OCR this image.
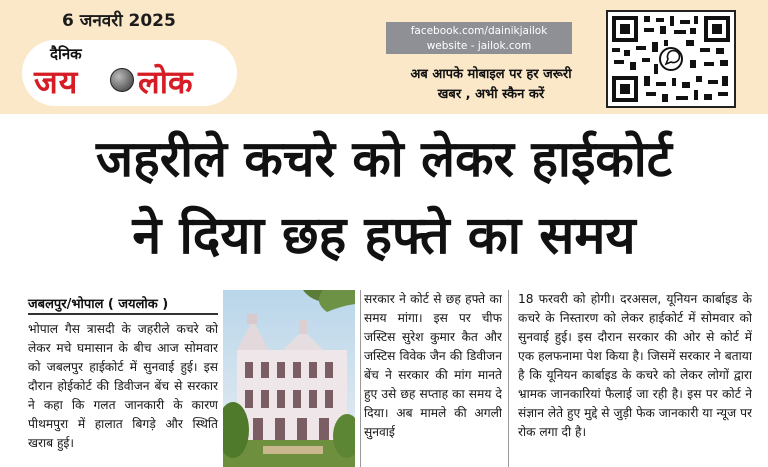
6 जनवरी 2025
दैनिक
जय लोक
facebook.com/dainikjailok
website - jailok.com
अब आपके मोबाइल पर हर जरूरी
खबर , अभी स्कैन करें
जहरीले कचरे को लेकर हाईकोर्ट
ने दिया छह हफ्ते का समय
जबलपुर/भोपाल ( जयलोक )
भोपाल गैस त्रासदी के जहरीले कचरे को लेकर मचे घमासान के बीच आज सोमवार को जबलपुर हाईकोर्ट में सुनवाई हुई। इस दौरान होईकोर्ट की डिवीजन बेंच से सरकार ने कहा कि गलत जानकारी के कारण पीथमपुरा में हालात बिगड़े और स्थिति खराब हुई।
सरकार ने कोर्ट से छह हफ्ते का समय मांगा। इस पर चीफ जस्टिस सुरेश कुमार कैत और जस्टिस विवेक जैन की डिवीजन बेंच ने सरकार की मांग मानते हुए उसे छह सप्ताह का समय दे दिया। अब मामले की अगली सुनवाई
18 फरवरी को होगी। दरअसल, यूनियन कार्बाइड के कचरे के निस्तारण को लेकर हाईकोर्ट में सोमवार को सुनवाई हुई। इस दौरान सरकार की ओर से कोर्ट में एक हलफनामा पेश किया है। जिसमें सरकार ने बताया है कि यूनियन कार्बाइड के कचरे को लेकर लोगों द्वारा भ्रामक जानकारियां फैलाई जा रही है। इस पर कोर्ट ने संज्ञान लेते हुए मुद्दे से जुड़ी फेक जानकारी या न्यूज पर रोक लगा दी है।
